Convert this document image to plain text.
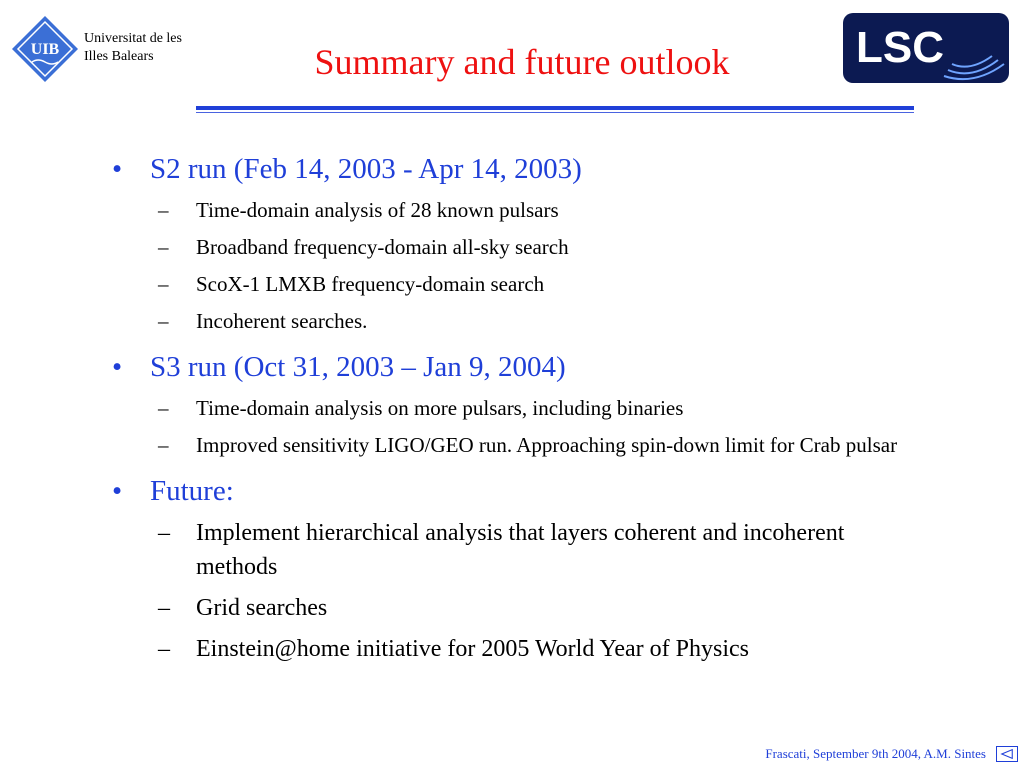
UIB
Universitat de les
Illes Balears	Summary and future outlook	LSC
• S2 run (Feb 14, 2003 - Apr 14, 2003)
– Time-domain analysis of 28 known pulsars
– Broadband frequency-domain all-sky search
– ScoX-1 LMXB frequency-domain search
– Incoherent searches.
• S3 run (Oct 31, 2003 – Jan 9, 2004)
– Time-domain analysis on more pulsars, including binaries
– Improved sensitivity LIGO/GEO run. Approaching spin-down limit for Crab pulsar
• Future:
– Implement hierarchical analysis that layers coherent and incoherent methods
– Grid searches
– Einstein@home initiative for 2005 World Year of Physics
Frascati, September 9th 2004, A.M. Sintes
